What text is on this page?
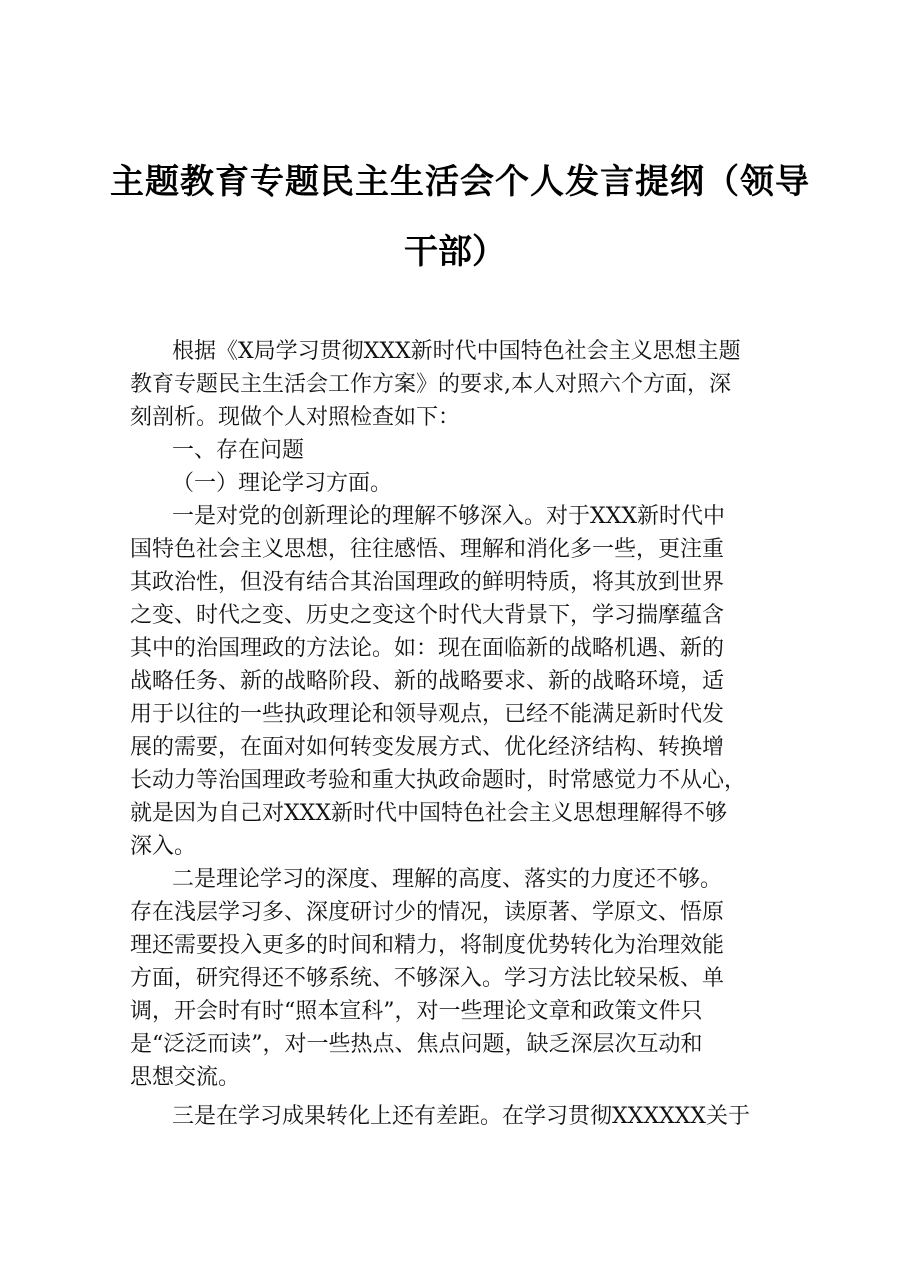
主题教育专题民主生活会个人发言提纲（领导
干部）
根据《X局学习贯彻XXX新时代中国特色社会主义思想主题
教育专题民主生活会工作方案》的要求,本人对照六个方面，深
刻剖析。现做个人对照检查如下：
一、存在问题
（一）理论学习方面。
一是对党的创新理论的理解不够深入。对于XXX新时代中
国特色社会主义思想，往往感悟、理解和消化多一些，更注重
其政治性，但没有结合其治国理政的鲜明特质，将其放到世界
之变、时代之变、历史之变这个时代大背景下，学习揣摩蕴含
其中的治国理政的方法论。如：现在面临新的战略机遇、新的
战略任务、新的战略阶段、新的战略要求、新的战略环境，适
用于以往的一些执政理论和领导观点，已经不能满足新时代发
展的需要，在面对如何转变发展方式、优化经济结构、转换增
长动力等治国理政考验和重大执政命题时，时常感觉力不从心，
就是因为自己对XXX新时代中国特色社会主义思想理解得不够
深入。
二是理论学习的深度、理解的高度、落实的力度还不够。
存在浅层学习多、深度研讨少的情况，读原著、学原文、悟原
理还需要投入更多的时间和精力，将制度优势转化为治理效能
方面，研究得还不够系统、不够深入。学习方法比较呆板、单
调，开会时有时“照本宣科”，对一些理论文章和政策文件只
是“泛泛而读”，对一些热点、焦点问题，缺乏深层次互动和
思想交流。
三是在学习成果转化上还有差距。在学习贯彻XXXXXX关于
